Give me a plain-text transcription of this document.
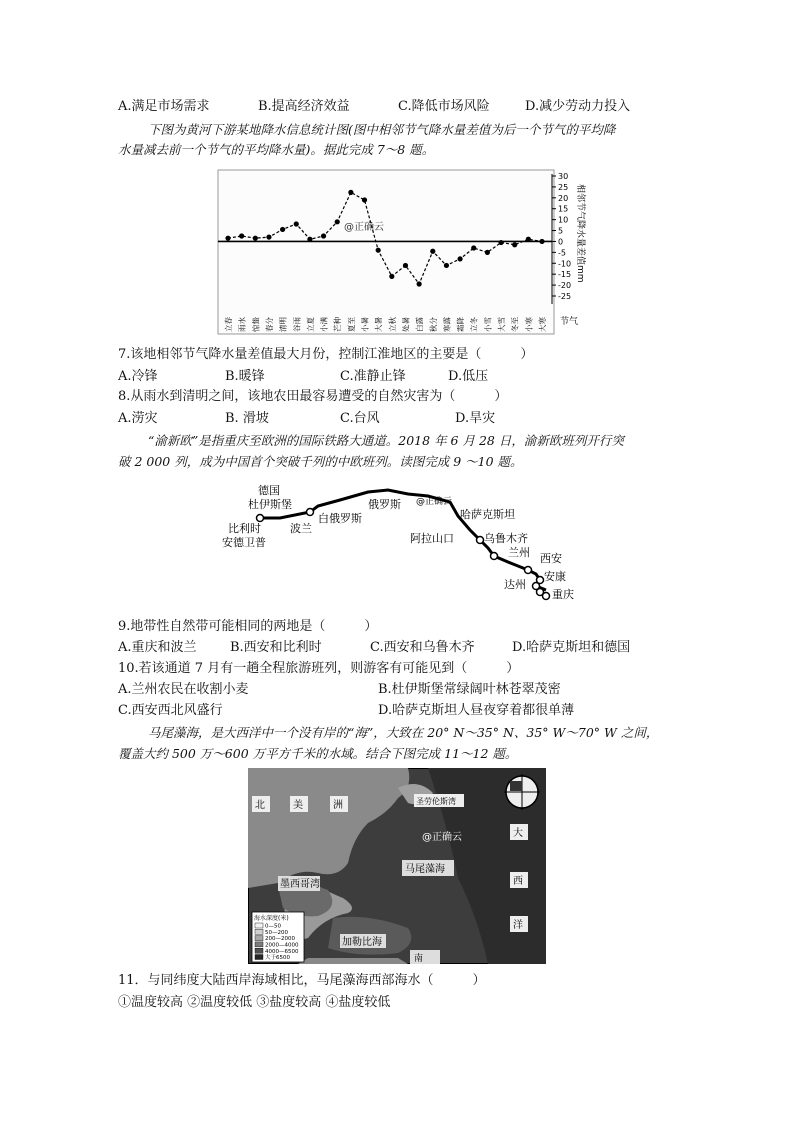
A.满足市场需求	B.提高经济效益	C.降低市场风险	D.减少劳动力投入
下图为黄河下游某地降水信息统计图(图中相邻节气降水量差值为后一个节气的平均降
水量减去前一个节气的平均降水量)。据此完成 7～8 题。
30
25
20
15
10
5
0
-5
-10
-15
-20
-25
立春 雨水 惊蛰 春分 清明 谷雨 立夏 小满 芒种 夏至 小暑 大暑 立秋 处暑 白露 秋分 寒露 霜降 立冬 小雪 大雪 冬至 小寒 大寒
@正确云	相邻节气降水量差值mm
节气
7.该地相邻节气降水量差值最大月份，控制江淮地区的主要是（　　　）
A.冷锋	B.暖锋	C.准静止锋	D.低压
8.从雨水到清明之间，该地农田最容易遭受的自然灾害为（　　　）
A.涝灾	B. 滑坡	C.台风	D.旱灾
“渝新欧”是指重庆至欧洲的国际铁路大通道。2018 年 6 月 28 日，渝新欧班列开行突
破 2 000 列，成为中国首个突破千列的中欧班列。读图完成 9 ～10 题。
德国
杜伊斯堡
比利时
安德卫普
波兰
白俄罗斯
俄罗斯 @正确云
哈萨克斯坦
阿拉山口	乌鲁木齐
兰州 西安
安康
达州
重庆
9.地带性自然带可能相同的两地是（　　　）
A.重庆和波兰	B.西安和比利时	C.西安和乌鲁木齐	D.哈萨克斯坦和德国
10.若该通道 7 月有一趟全程旅游班列，则游客有可能见到（　　　）
A.兰州农民在收割小麦	B.杜伊斯堡常绿阔叶林苍翠茂密
C.西安西北风盛行	D.哈萨克斯坦人昼夜穿着都很单薄
马尾藻海，是大西洋中一个没有岸的“海”，大致在 20° N～35° N、35° W～70° W 之间，
覆盖大约 500 万～600 万平方千米的水域。结合下图完成 11～12 题。
北	美	洲	圣劳伦斯湾
@正确云
马尾藻海
墨西哥湾
加勒比海
南
大
西
洋
海水深度(米)
0—50
50—200
200—2000
2000—4000
4000—6500
大于6500
11．与同纬度大陆西岸海域相比，马尾藻海西部海水（　　　）
①温度较高 ②温度较低 ③盐度较高 ④盐度较低
